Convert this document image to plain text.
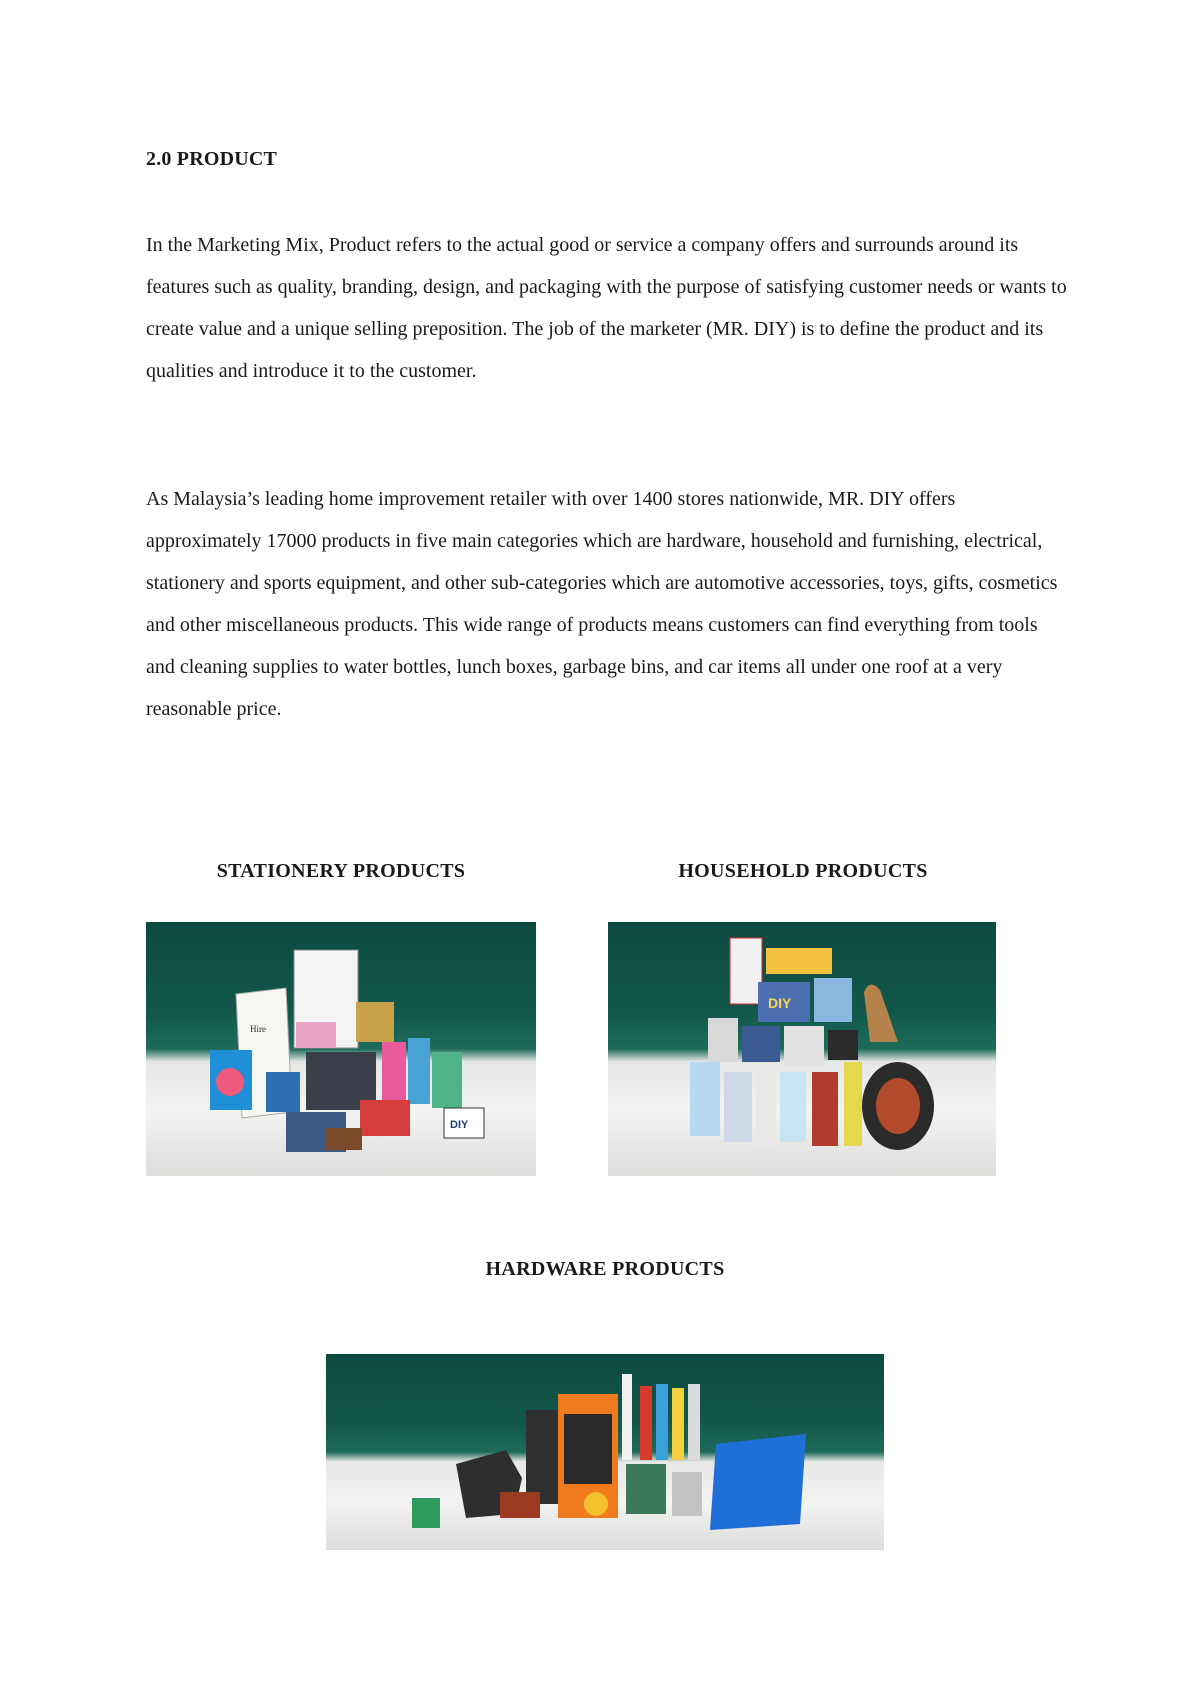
2.0 PRODUCT
In the Marketing Mix, Product refers to the actual good or service a company offers and surrounds around its features such as quality, branding, design, and packaging with the purpose of satisfying customer needs or wants to create value and a unique selling preposition. The job of the marketer (MR. DIY) is to define the product and its qualities and introduce it to the customer.
As Malaysia’s leading home improvement retailer with over 1400 stores nationwide, MR. DIY offers approximately 17000 products in five main categories which are hardware, household and furnishing, electrical, stationery and sports equipment, and other sub-categories which are automotive accessories, toys, gifts, cosmetics and other miscellaneous products. This wide range of products means customers can find everything from tools and cleaning supplies to water bottles, lunch boxes, garbage bins, and car items all under one roof at a very reasonable price.
STATIONERY PRODUCTS	HOUSEHOLD PRODUCTS
Hire
DIY
DIY
HARDWARE PRODUCTS
